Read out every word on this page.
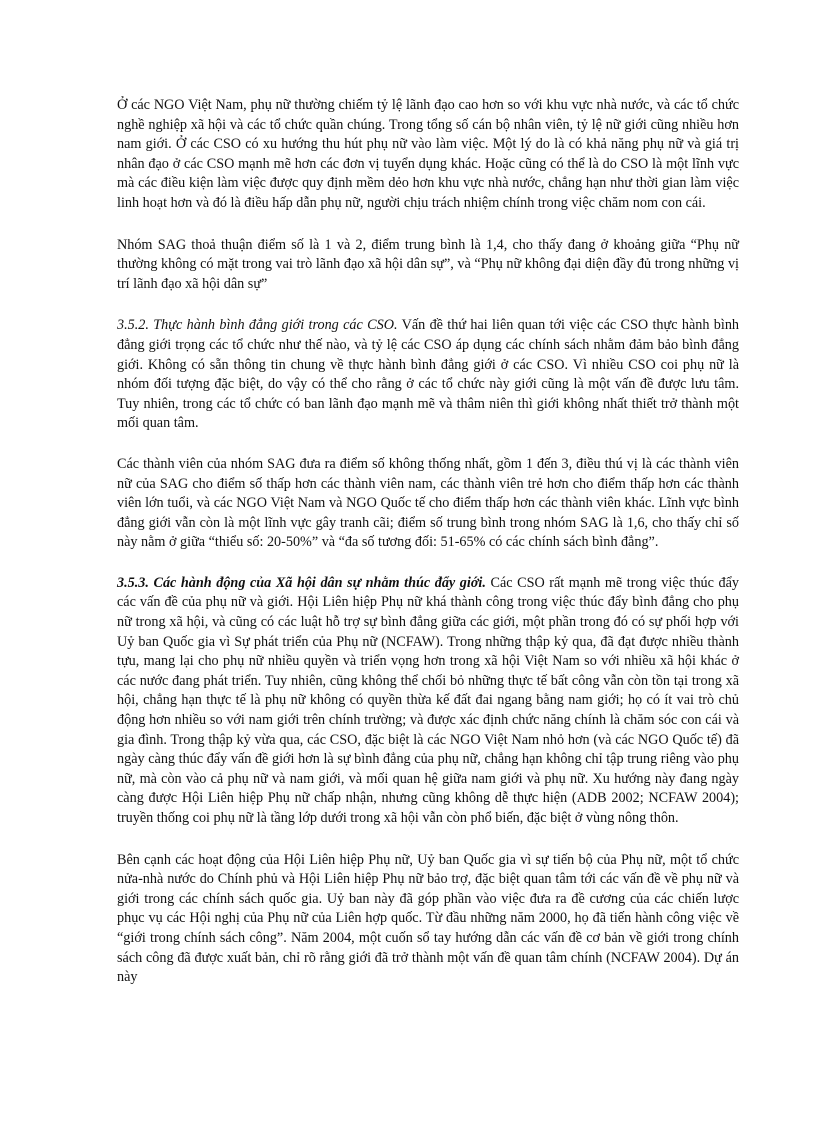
Ở các NGO Việt Nam, phụ nữ thường chiếm tỷ lệ lãnh đạo cao hơn so với khu vực nhà nước, và các tổ chức nghề nghiệp xã hội và các tổ chức quần chúng. Trong tổng số cán bộ nhân viên, tỷ lệ nữ giới cũng nhiều hơn nam giới. Ở các CSO có xu hướng thu hút phụ nữ vào làm việc. Một lý do là có khả năng phụ nữ và giá trị nhân đạo ở các CSO mạnh mẽ hơn các đơn vị tuyển dụng khác. Hoặc cũng có thể là do CSO là một lĩnh vực mà các điều kiện làm việc được quy định mềm dẻo hơn khu vực nhà nước, chẳng hạn như thời gian làm việc linh hoạt hơn và đó là điều hấp dẫn phụ nữ, người chịu trách nhiệm chính trong việc chăm nom con cái.

Nhóm SAG thoả thuận điểm số là 1 và 2, điểm trung bình là 1,4, cho thấy đang ở khoảng giữa “Phụ nữ thường không có mặt trong vai trò lãnh đạo xã hội dân sự”, và “Phụ nữ không đại diện đầy đủ trong những vị trí lãnh đạo xã hội dân sự”

3.5.2. Thực hành bình đẳng giới trong các CSO. Vấn đề thứ hai liên quan tới việc các CSO thực hành bình đẳng giới trọng các tổ chức như thế nào, và tỷ lệ các CSO áp dụng các chính sách nhằm đảm bảo bình đẳng giới. Không có sẵn thông tin chung về thực hành bình đẳng giới ở các CSO. Vì nhiều CSO coi phụ nữ là nhóm đối tượng đặc biệt, do vậy có thể cho rằng ở các tổ chức này giới cũng là một vấn đề được lưu tâm. Tuy nhiên, trong các tổ chức có ban lãnh đạo mạnh mẽ và thâm niên thì giới không nhất thiết trở thành một mối quan tâm.

Các thành viên của nhóm SAG đưa ra điểm số không thống nhất, gồm 1 đến 3, điều thú vị là các thành viên nữ của SAG cho điểm số thấp hơn các thành viên nam, các thành viên trẻ hơn cho điểm thấp hơn các thành viên lớn tuổi, và các NGO Việt Nam và NGO Quốc tế cho điểm thấp hơn các thành viên khác. Lĩnh vực bình đẳng giới vẫn còn là một lĩnh vực gây tranh cãi; điểm số trung bình trong nhóm SAG là 1,6, cho thấy chỉ số này nằm ở giữa “thiểu số: 20-50%” và “đa số tương đối: 51-65% có các chính sách bình đẳng”.

3.5.3. Các hành động của Xã hội dân sự nhằm thúc đẩy giới. Các CSO rất mạnh mẽ trong việc thúc đẩy các vấn đề của phụ nữ và giới. Hội Liên hiệp Phụ nữ khá thành công trong việc thúc đẩy bình đẳng cho phụ nữ trong xã hội, và cũng có các luật hỗ trợ sự bình đẳng giữa các giới, một phần trong đó có sự phối hợp với Uỷ ban Quốc gia vì Sự phát triển của Phụ nữ (NCFAW). Trong những thập kỷ qua, đã đạt được nhiều thành tựu, mang lại cho phụ nữ nhiều quyền và triển vọng hơn trong xã hội Việt Nam so với nhiều xã hội khác ở các nước đang phát triển. Tuy nhiên, cũng không thể chối bỏ những thực tế bất công vẫn còn tồn tại trong xã hội, chẳng hạn thực tế là phụ nữ không có quyền thừa kế đất đai ngang bằng nam giới; họ có ít vai trò chủ động hơn nhiều so với nam giới trên chính trường; và được xác định chức năng chính là chăm sóc con cái và gia đình. Trong thập kỷ vừa qua, các CSO, đặc biệt là các NGO Việt Nam nhỏ hơn (và các NGO Quốc tế) đã ngày càng thúc đẩy vấn đề giới hơn là sự bình đẳng của phụ nữ, chẳng hạn không chỉ tập trung riêng vào phụ nữ, mà còn vào cả phụ nữ và nam giới, và mối quan hệ giữa nam giới và phụ nữ. Xu hướng này đang ngày càng được Hội Liên hiệp Phụ nữ chấp nhận, nhưng cũng không dễ thực hiện (ADB 2002; NCFAW 2004); truyền thống coi phụ nữ là tầng lớp dưới trong xã hội vẫn còn phổ biến, đặc biệt ở vùng nông thôn.

Bên cạnh các hoạt động của Hội Liên hiệp Phụ nữ, Uỷ ban Quốc gia vì sự tiến bộ của Phụ nữ, một tổ chức nửa-nhà nước do Chính phủ và Hội Liên hiệp Phụ nữ bảo trợ, đặc biệt quan tâm tới các vấn đề về phụ nữ và giới trong các chính sách quốc gia. Uỷ ban này đã góp phần vào việc đưa ra đề cương của các chiến lược phục vụ các Hội nghị của Phụ nữ của Liên hợp quốc. Từ đầu những năm 2000, họ đã tiến hành công việc về “giới trong chính sách công”. Năm 2004, một cuốn sổ tay hướng dẫn các vấn đề cơ bản về giới trong chính sách công đã được xuất bản, chỉ rõ rằng giới đã trở thành một vấn đề quan tâm chính (NCFAW 2004). Dự án này
